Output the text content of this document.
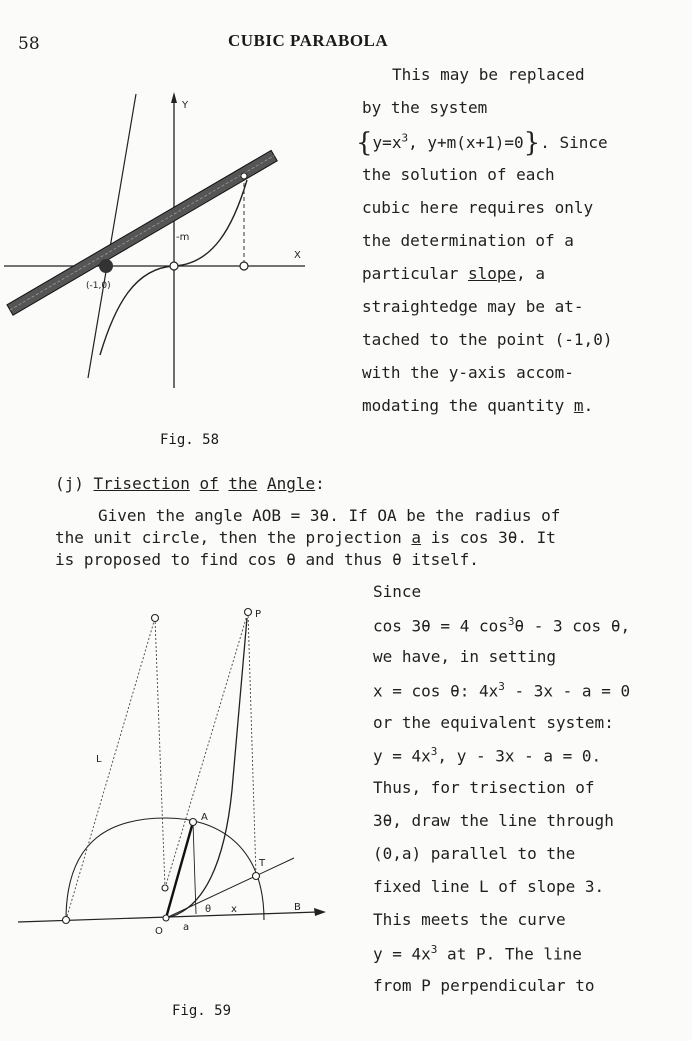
58	CUBIC PARABOLA
This may be replaced
by the system
{$y=x^3$, y+m(x+1)=0}. Since
the solution of each
cubic here requires only
the determination of a
particular slope, a
straightedge may be at-
tached to the point (-1,0)
with the y-axis accom-
modating the quantity m.
Y
X
-m
(-1,0)
Fig. 58
(j) Trisection of the Angle:
Given the angle AOB = 3θ. If OA be the radius of
the unit circle, then the projection a is cos 3θ. It
is proposed to find cos θ and thus θ itself.
Since
cos 3θ = 4 $\cos^3\theta - 3$ cos θ,
we have, in setting
x = cos θ: $4x^3 - 3x - a = 0$
or the equivalent system:
$y = 4x^3$, y - 3x - a = 0.
Thus, for trisection of
3θ, draw the line through
(0,a) parallel to the
fixed line L of slope 3.
This meets the curve
$y = 4x^3$ at P. The line
from P perpendicular to
P
L
A
T
θ x	B
O a
Fig. 59
